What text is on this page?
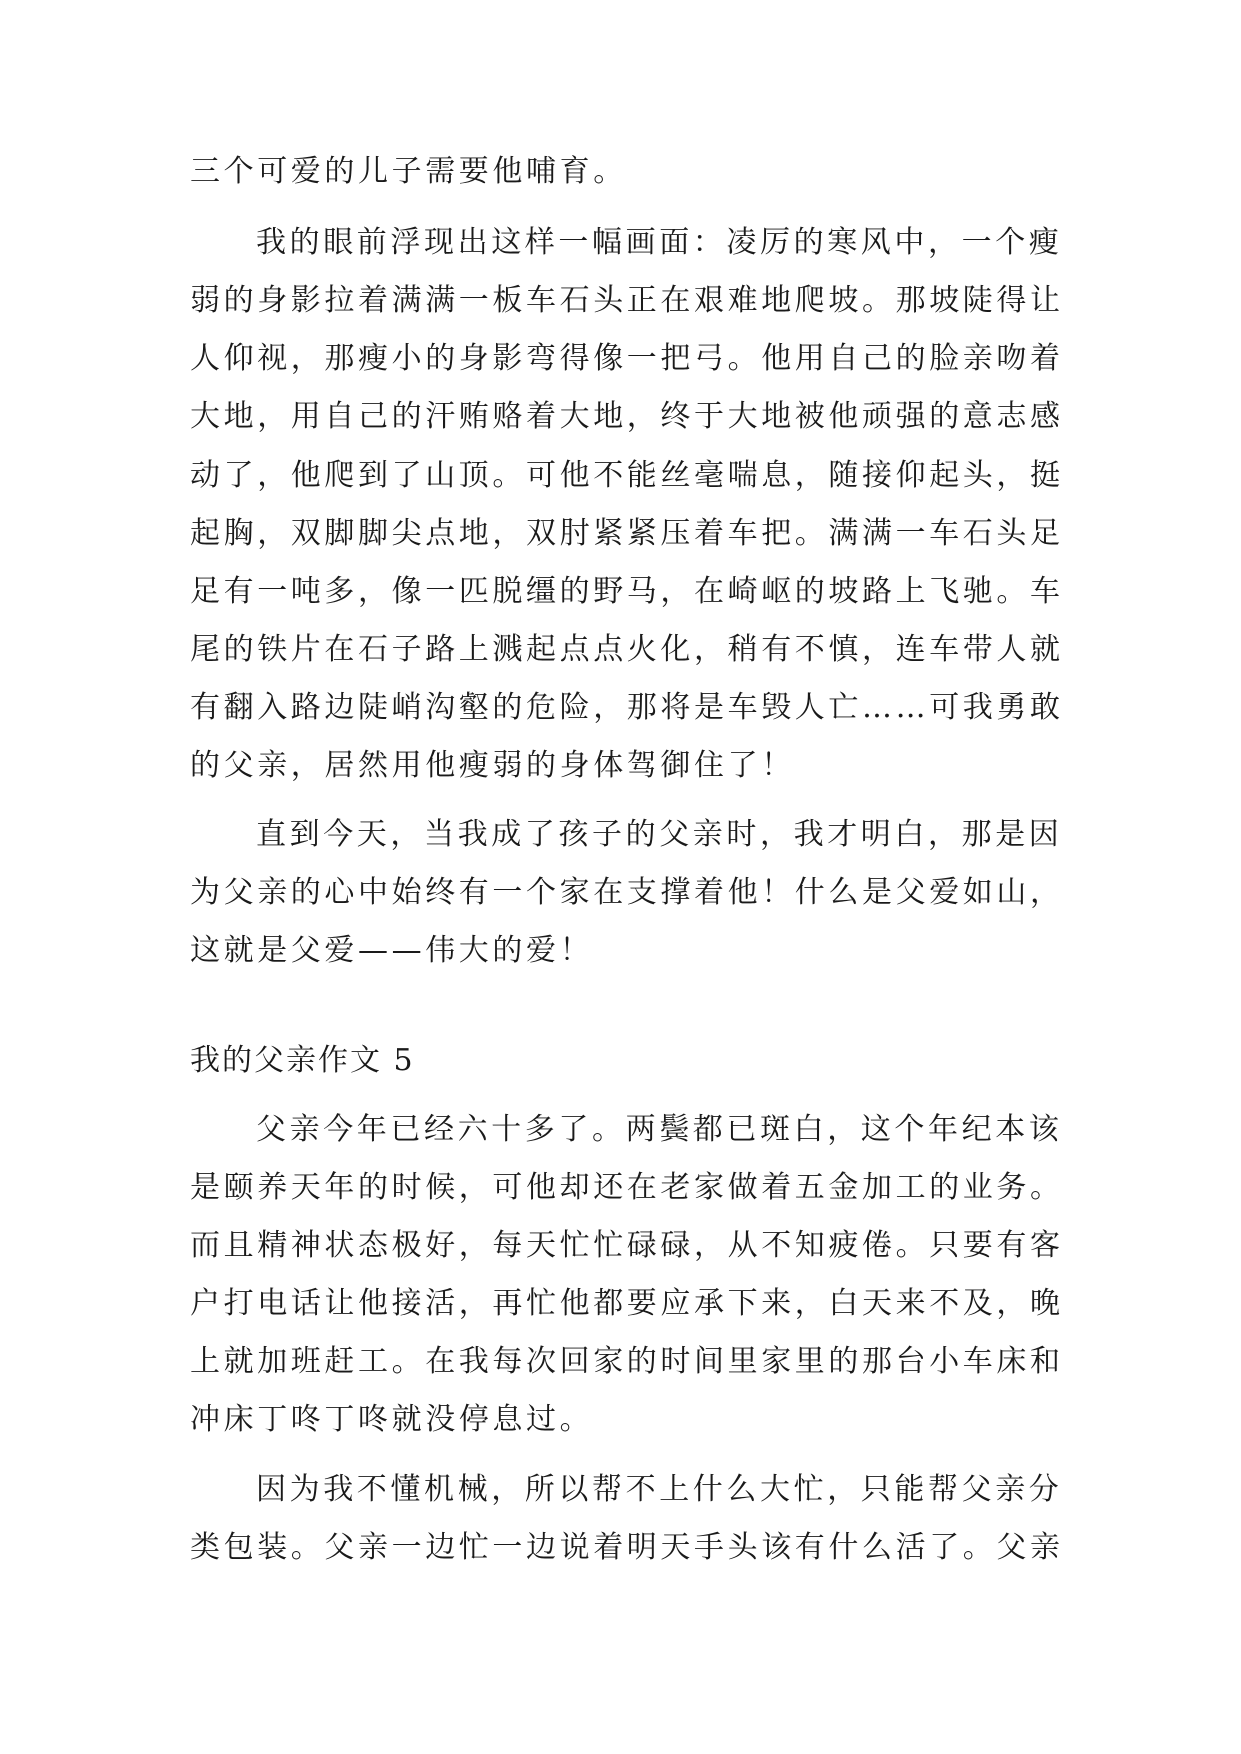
三个可爱的儿子需要他哺育。
我的眼前浮现出这样一幅画面：凌厉的寒风中，一个瘦
弱的身影拉着满满一板车石头正在艰难地爬坡。那坡陡得让
人仰视，那瘦小的身影弯得像一把弓。他用自己的脸亲吻着
大地，用自己的汗贿赂着大地，终于大地被他顽强的意志感
动了，他爬到了山顶。可他不能丝毫喘息，随接仰起头，挺
起胸，双脚脚尖点地，双肘紧紧压着车把。满满一车石头足
足有一吨多，像一匹脱缰的野马，在崎岖的坡路上飞驰。车
尾的铁片在石子路上溅起点点火化，稍有不慎，连车带人就
有翻入路边陡峭沟壑的危险，那将是车毁人亡……可我勇敢
的父亲，居然用他瘦弱的身体驾御住了！
直到今天，当我成了孩子的父亲时，我才明白，那是因
为父亲的心中始终有一个家在支撑着他！什么是父爱如山，
这就是父爱——伟大的爱！
我的父亲作文 5
父亲今年已经六十多了。两鬓都已斑白，这个年纪本该
是颐养天年的时候，可他却还在老家做着五金加工的业务。
而且精神状态极好，每天忙忙碌碌，从不知疲倦。只要有客
户打电话让他接活，再忙他都要应承下来，白天来不及，晚
上就加班赶工。在我每次回家的时间里家里的那台小车床和
冲床丁咚丁咚就没停息过。
因为我不懂机械，所以帮不上什么大忙，只能帮父亲分
类包装。父亲一边忙一边说着明天手头该有什么活了。父亲
